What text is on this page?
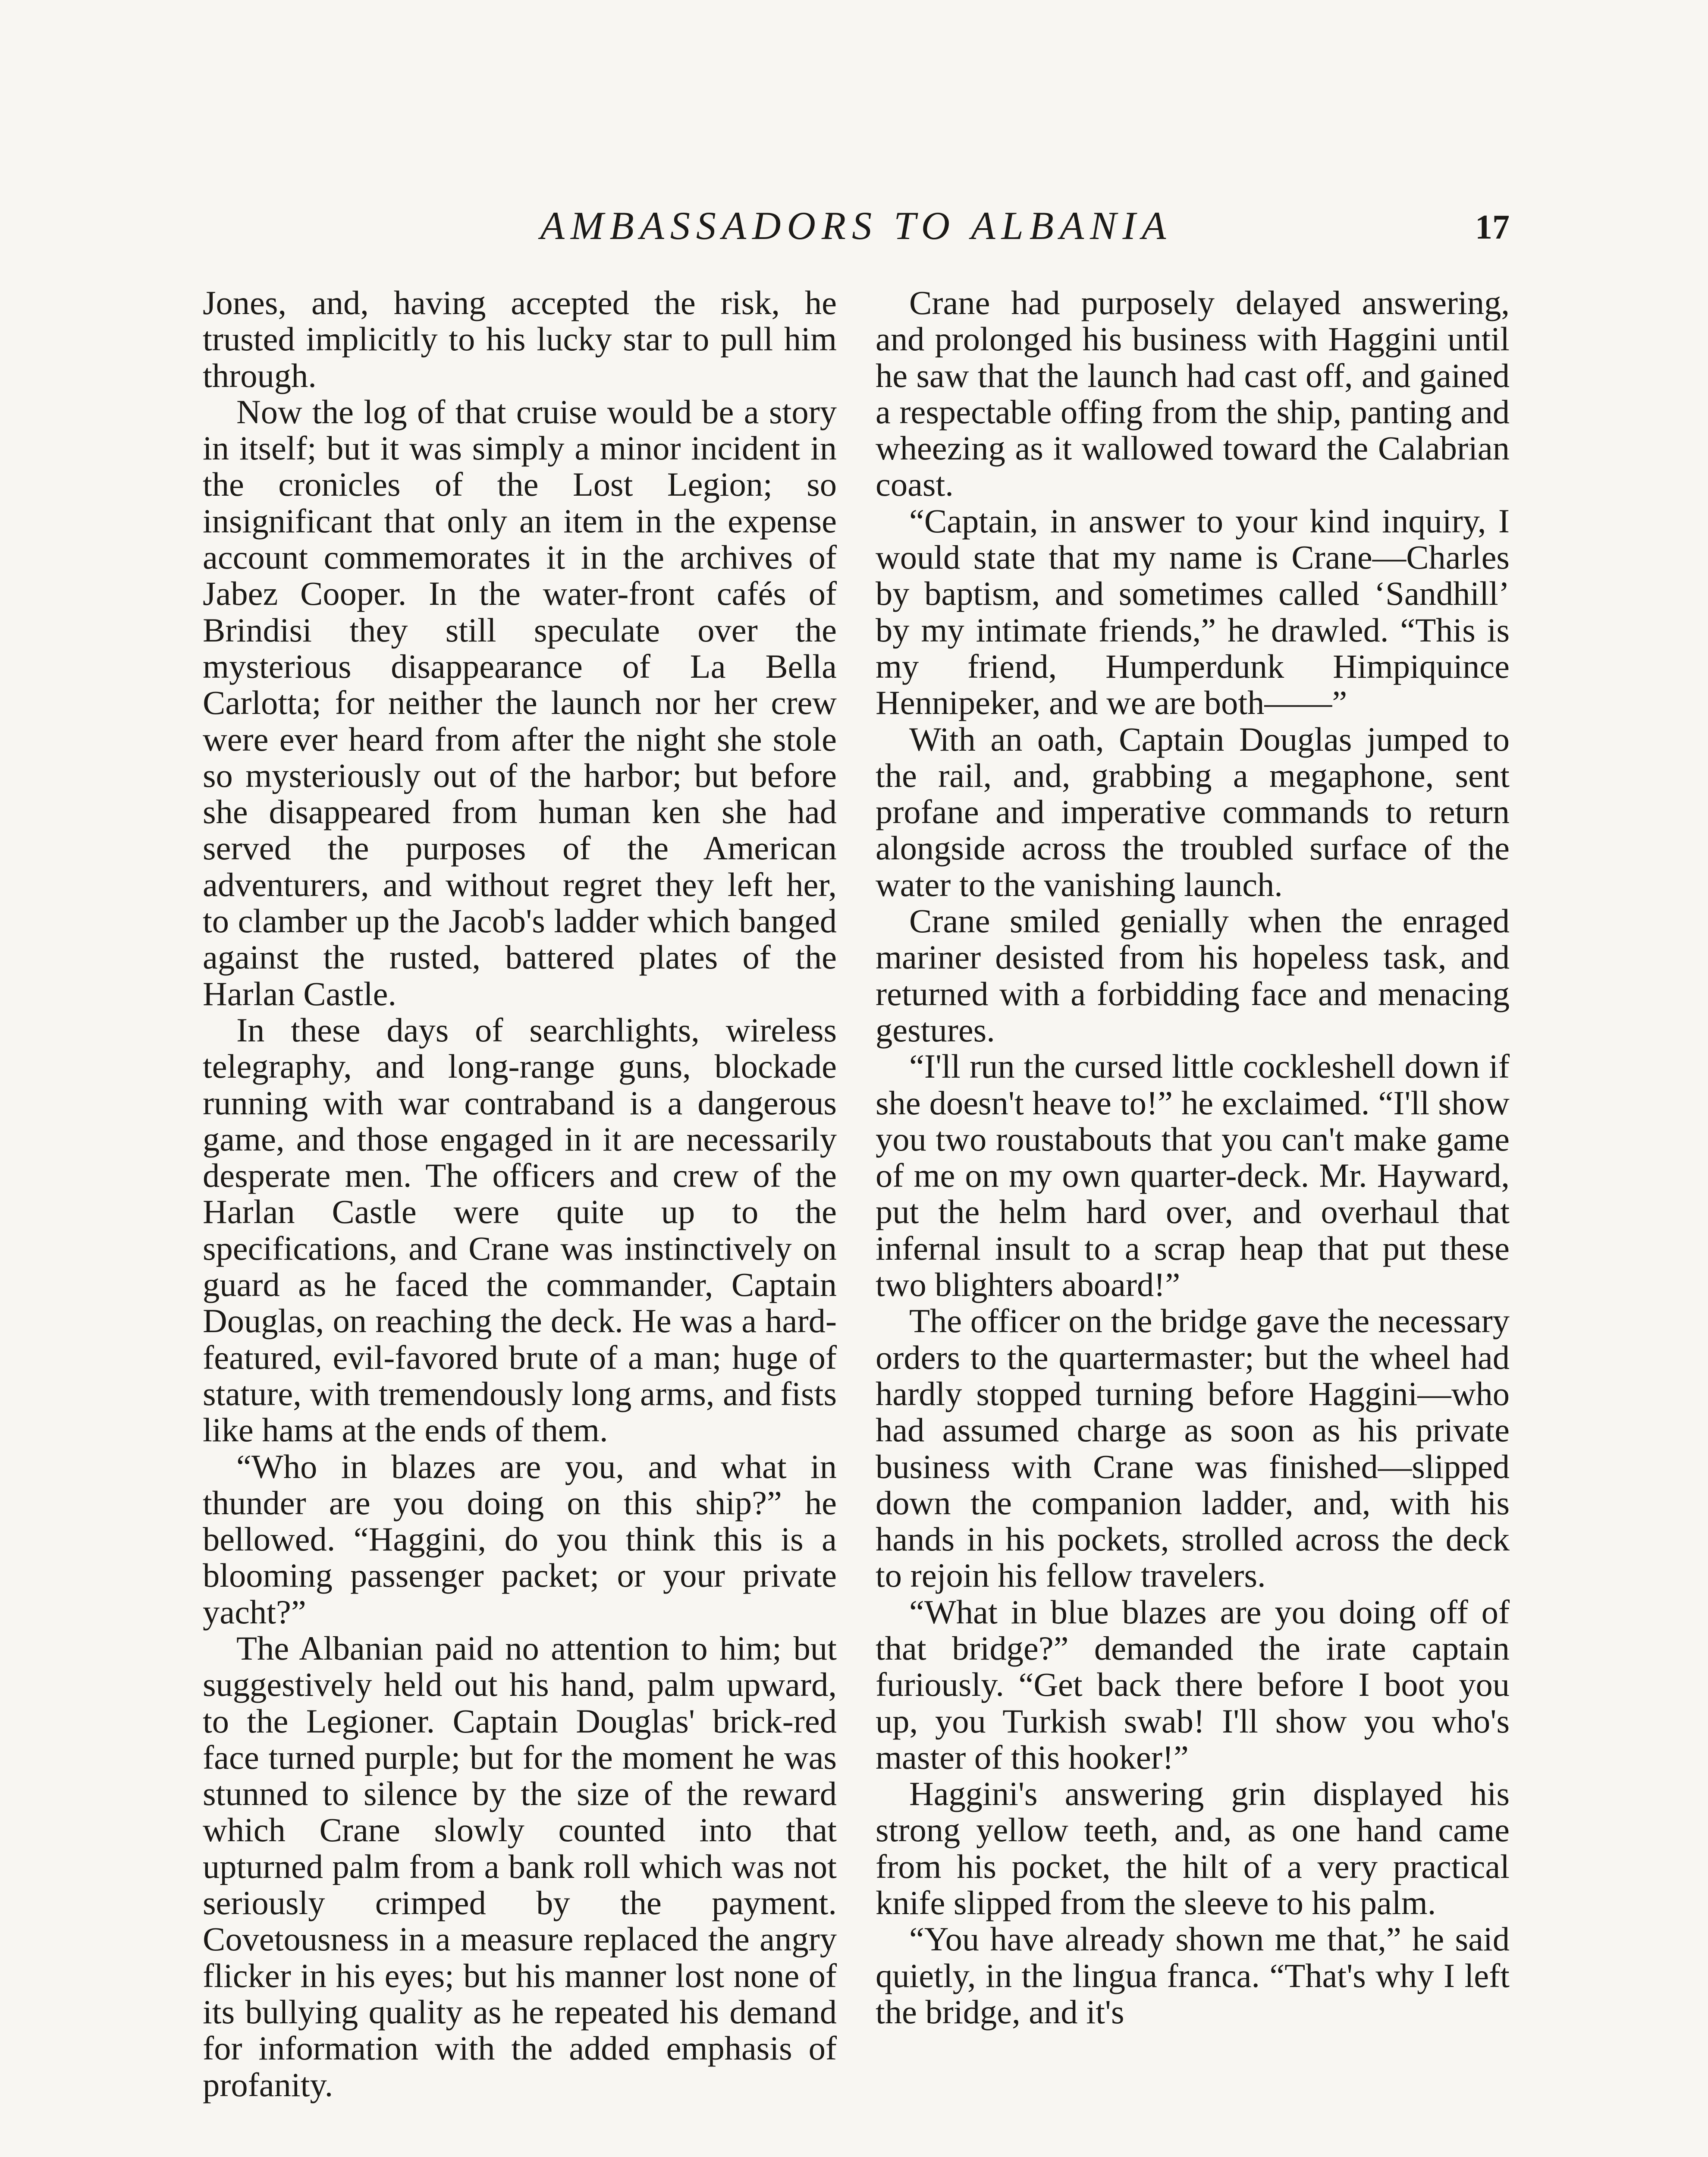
AMBASSADORS TO ALBANIA	17

Jones, and, having accepted the risk, he trusted implicitly to his lucky star to pull him through.

Now the log of that cruise would be a story in itself; but it was simply a minor incident in the cronicles of the Lost Legion; so insignificant that only an item in the expense account commemorates it in the archives of Jabez Cooper. In the water-front cafés of Brindisi they still speculate over the mysterious disappearance of La Bella Carlotta; for neither the launch nor her crew were ever heard from after the night she stole so mysteriously out of the harbor; but before she disappeared from human ken she had served the purposes of the American adventurers, and without regret they left her, to clamber up the Jacob's ladder which banged against the rusted, battered plates of the Harlan Castle.

In these days of searchlights, wireless telegraphy, and long-range guns, blockade running with war contraband is a dangerous game, and those engaged in it are necessarily desperate men. The officers and crew of the Harlan Castle were quite up to the specifications, and Crane was instinctively on guard as he faced the commander, Captain Douglas, on reaching the deck. He was a hard-featured, evil-favored brute of a man; huge of stature, with tremendously long arms, and fists like hams at the ends of them.

“Who in blazes are you, and what in thunder are you doing on this ship?” he bellowed. “Haggini, do you think this is a blooming passenger packet; or your private yacht?”

The Albanian paid no attention to him; but suggestively held out his hand, palm upward, to the Legioner. Captain Douglas' brick-red face turned purple; but for the moment he was stunned to silence by the size of the reward which Crane slowly counted into that upturned palm from a bank roll which was not seriously crimped by the payment. Covetousness in a measure replaced the angry flicker in his eyes; but his manner lost none of its bullying quality as he repeated his demand for information with the added emphasis of profanity.

Crane had purposely delayed answering, and prolonged his business with Haggini until he saw that the launch had cast off, and gained a respectable offing from the ship, panting and wheezing as it wallowed toward the Calabrian coast.

“Captain, in answer to your kind inquiry, I would state that my name is Crane—Charles by baptism, and sometimes called ‘Sandhill’ by my intimate friends,” he drawled. “This is my friend, Humperdunk Himpiquince Hennipeker, and we are both——”

With an oath, Captain Douglas jumped to the rail, and, grabbing a megaphone, sent profane and imperative commands to return alongside across the troubled surface of the water to the vanishing launch.

Crane smiled genially when the enraged mariner desisted from his hopeless task, and returned with a forbidding face and menacing gestures.

“I'll run the cursed little cockleshell down if she doesn't heave to!” he exclaimed. “I'll show you two roustabouts that you can't make game of me on my own quarter-deck. Mr. Hayward, put the helm hard over, and overhaul that infernal insult to a scrap heap that put these two blighters aboard!”

The officer on the bridge gave the necessary orders to the quartermaster; but the wheel had hardly stopped turning before Haggini—who had assumed charge as soon as his private business with Crane was finished—slipped down the companion ladder, and, with his hands in his pockets, strolled across the deck to rejoin his fellow travelers.

“What in blue blazes are you doing off of that bridge?” demanded the irate captain furiously. “Get back there before I boot you up, you Turkish swab! I'll show you who's master of this hooker!”

Haggini's answering grin displayed his strong yellow teeth, and, as one hand came from his pocket, the hilt of a very practical knife slipped from the sleeve to his palm.

“You have already shown me that,” he said quietly, in the lingua franca. “That's why I left the bridge, and it's
